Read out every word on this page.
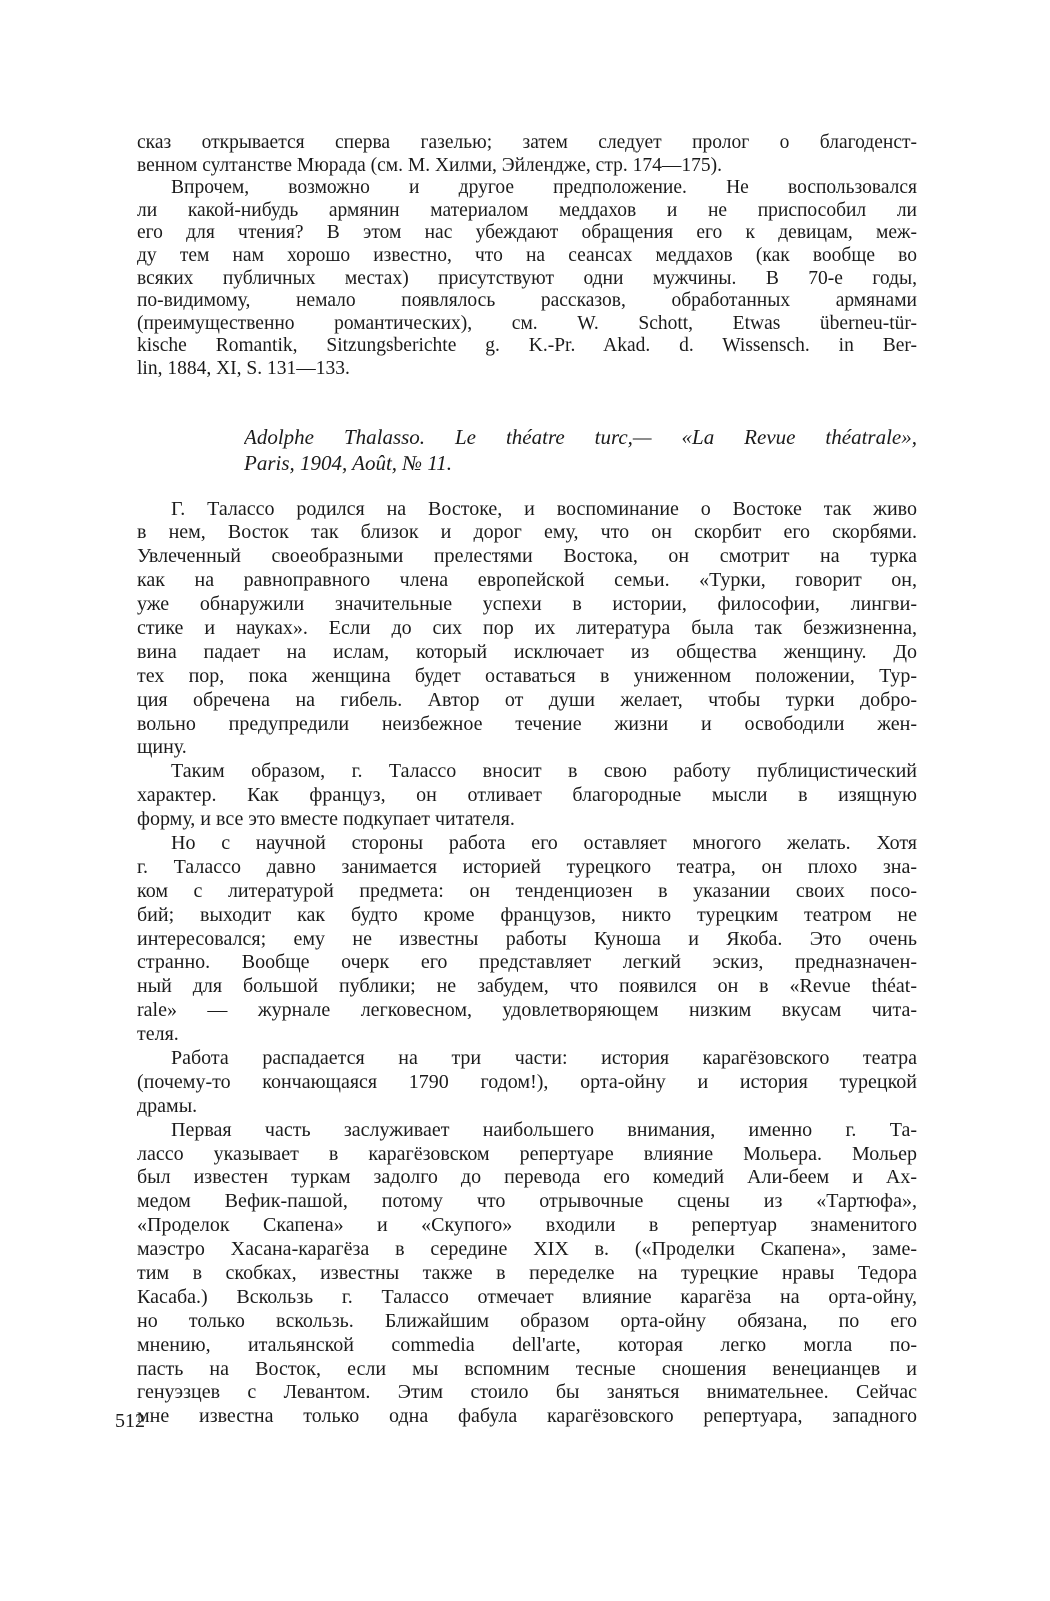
сказ открывается сперва газелью; затем следует пролог о благоденст-
венном султанстве Мюрада (см. М. Хилми, Эйленджe, стр. 174—175).
Впрочем, возможно и другое предположение. Не воспользовался
ли какой-нибудь армянин материалом меддахов и не приспособил ли
его для чтения? В этом нас убеждают обращения его к девицам, меж-
ду тем нам хорошо известно, что на сеансах меддахов (как вообще во
всяких публичных местах) присутствуют одни мужчины. В 70-е годы,
по-видимому, немало появлялось рассказов, обработанных армянами
(преимущественно романтических), см. W. Schott, Etwas überneu-tür-
kische Romantik, Sitzungsberichte g. K.-Pr. Akad. d. Wissensch. in Ber-
lin, 1884, XI, S. 131—133.
Adolphe Thalasso. Le théatre turc,— «La Revue théatrale»,
Paris, 1904, Août, № 11.
Г. Талассо родился на Востоке, и воспоминание о Востоке так живо
в нем, Восток так близок и дорог ему, что он скорбит его скорбями.
Увлеченный своеобразными прелестями Востока, он смотрит на турка
как на равноправного члена европейской семьи. «Турки, говорит он,
уже обнаружили значительные успехи в истории, философии, лингви-
стике и науках». Если до сих пор их литература была так безжизненна,
вина падает на ислам, который исключает из общества женщину. До
тех пор, пока женщина будет оставаться в униженном положении, Тур-
ция обречена на гибель. Автор от души желает, чтобы турки добро-
вольно предупредили неизбежное течение жизни и освободили жен-
щину.
Таким образом, г. Талассо вносит в свою работу публицистический
характер. Как француз, он отливает благородные мысли в изящную
форму, и все это вместе подкупает читателя.
Но с научной стороны работа его оставляет многого желать. Хотя
г. Талассо давно занимается историей турецкого театра, он плохо зна-
ком с литературой предмета: он тенденциозен в указании своих посо-
бий; выходит как будто кроме французов, никто турецким театром не
интересовался; ему не известны работы Куноша и Якоба. Это очень
странно. Вообще очерк его представляет легкий эскиз, предназначен-
ный для большой публики; не забудем, что появился он в «Revue théat-
rale» — журнале легковесном, удовлетворяющем низким вкусам чита-
теля.
Работа распадается на три части: история карагёзовского театра
(почему-то кончающаяся 1790 годом!), орта-ойну и история турецкой
драмы.
Первая часть заслуживает наибольшего внимания, именно г. Та-
лассо указывает в карагёзовском репертуаре влияние Мольера. Мольер
был известен туркам задолго до перевода его комедий Али-беем и Ах-
медом Вефик-пашой, потому что отрывочные сцены из «Тартюфа»,
«Проделок Скапена» и «Скупого» входили в репертуар знаменитого
маэстро Хасана-карагёза в середине XIX в. («Проделки Скапена», заме-
тим в скобках, известны также в переделке на турецкие нравы Тедора
Касаба.) Вскользь г. Талассо отмечает влияние карагёза на орта-ойну,
но только вскользь. Ближайшим образом орта-ойну обязана, по его
мнению, итальянской commedia dell'arte, которая легко могла по-
пасть на Восток, если мы вспомним тесные сношения венецианцев и
генуэзцев с Левантом. Этим стоило бы заняться внимательнее. Сейчас
мне известна только одна фабула карагёзовского репертуара, западного
512
